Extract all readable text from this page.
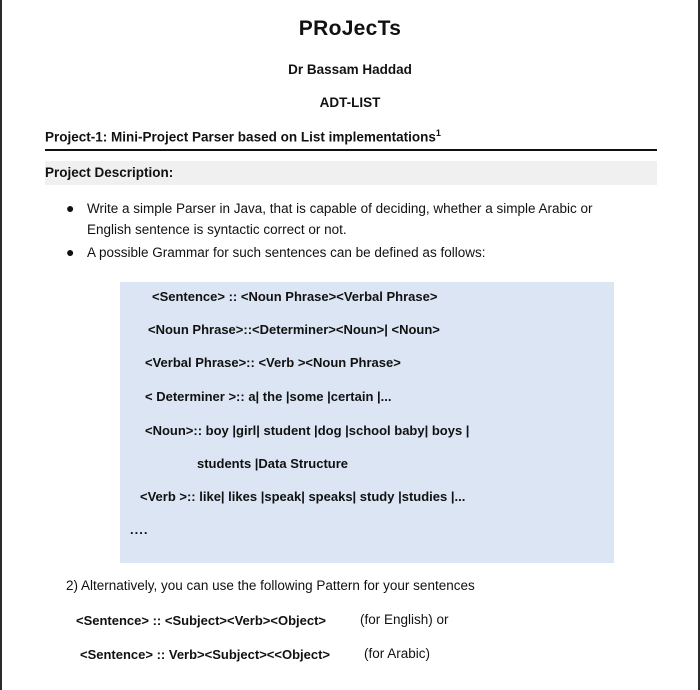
PRoJecTs
Dr Bassam Haddad
ADT-LIST
Project-1: Mini-Project Parser based on List implementations$^1$
Project Description:
● Write a simple Parser in Java, that is capable of deciding, whether a simple Arabic or
English sentence is syntactic correct or not.
● A possible Grammar for such sentences can be defined as follows:
<Sentence> :: <Noun Phrase><Verbal Phrase>
<Noun Phrase>::<Determiner><Noun>| <Noun>
<Verbal Phrase>:: <Verb ><Noun Phrase>
< Determiner >:: a| the |some |certain |...
<Noun>:: boy |girl| student |dog |school baby| boys |
students |Data Structure
<Verb >:: like| likes |speak| speaks| study |studies |...
....
2) Alternatively, you can use the following Pattern for your sentences
<Sentence> :: <Subject><Verb><Object>	(for English) or
<Sentence> :: Verb><Subject><<Object>	(for Arabic)
